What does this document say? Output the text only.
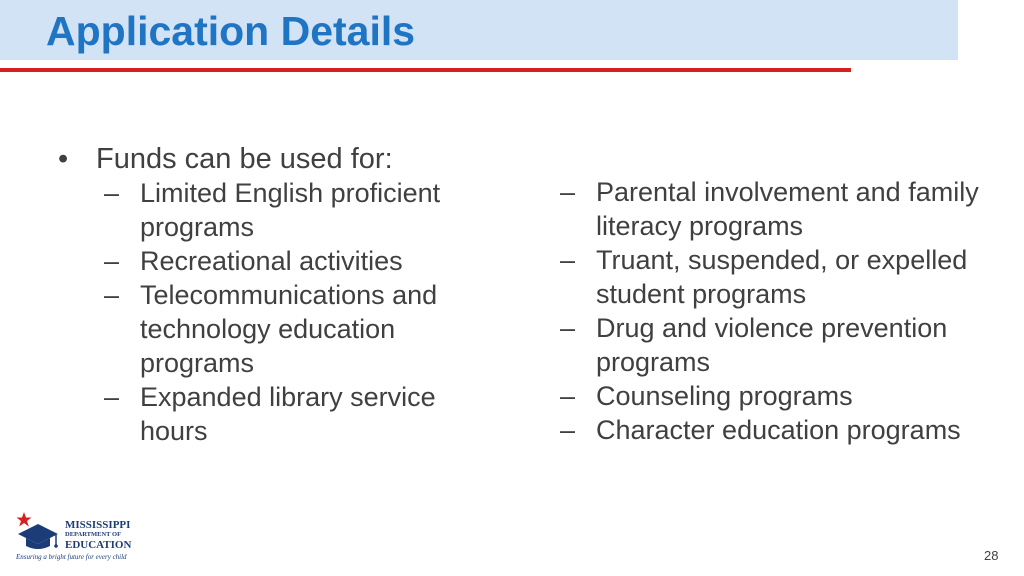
Application Details
• Funds can be used for:
– Limited English proficient programs
– Recreational activities
– Telecommunications and technology education programs
– Expanded library service hours
– Parental involvement and family literacy programs
– Truant, suspended, or expelled student programs
– Drug and violence prevention programs
– Counseling programs
– Character education programs
MISSISSIPPI
DEPARTMENT OF
EDUCATION
Ensuring a bright future for every child	28
